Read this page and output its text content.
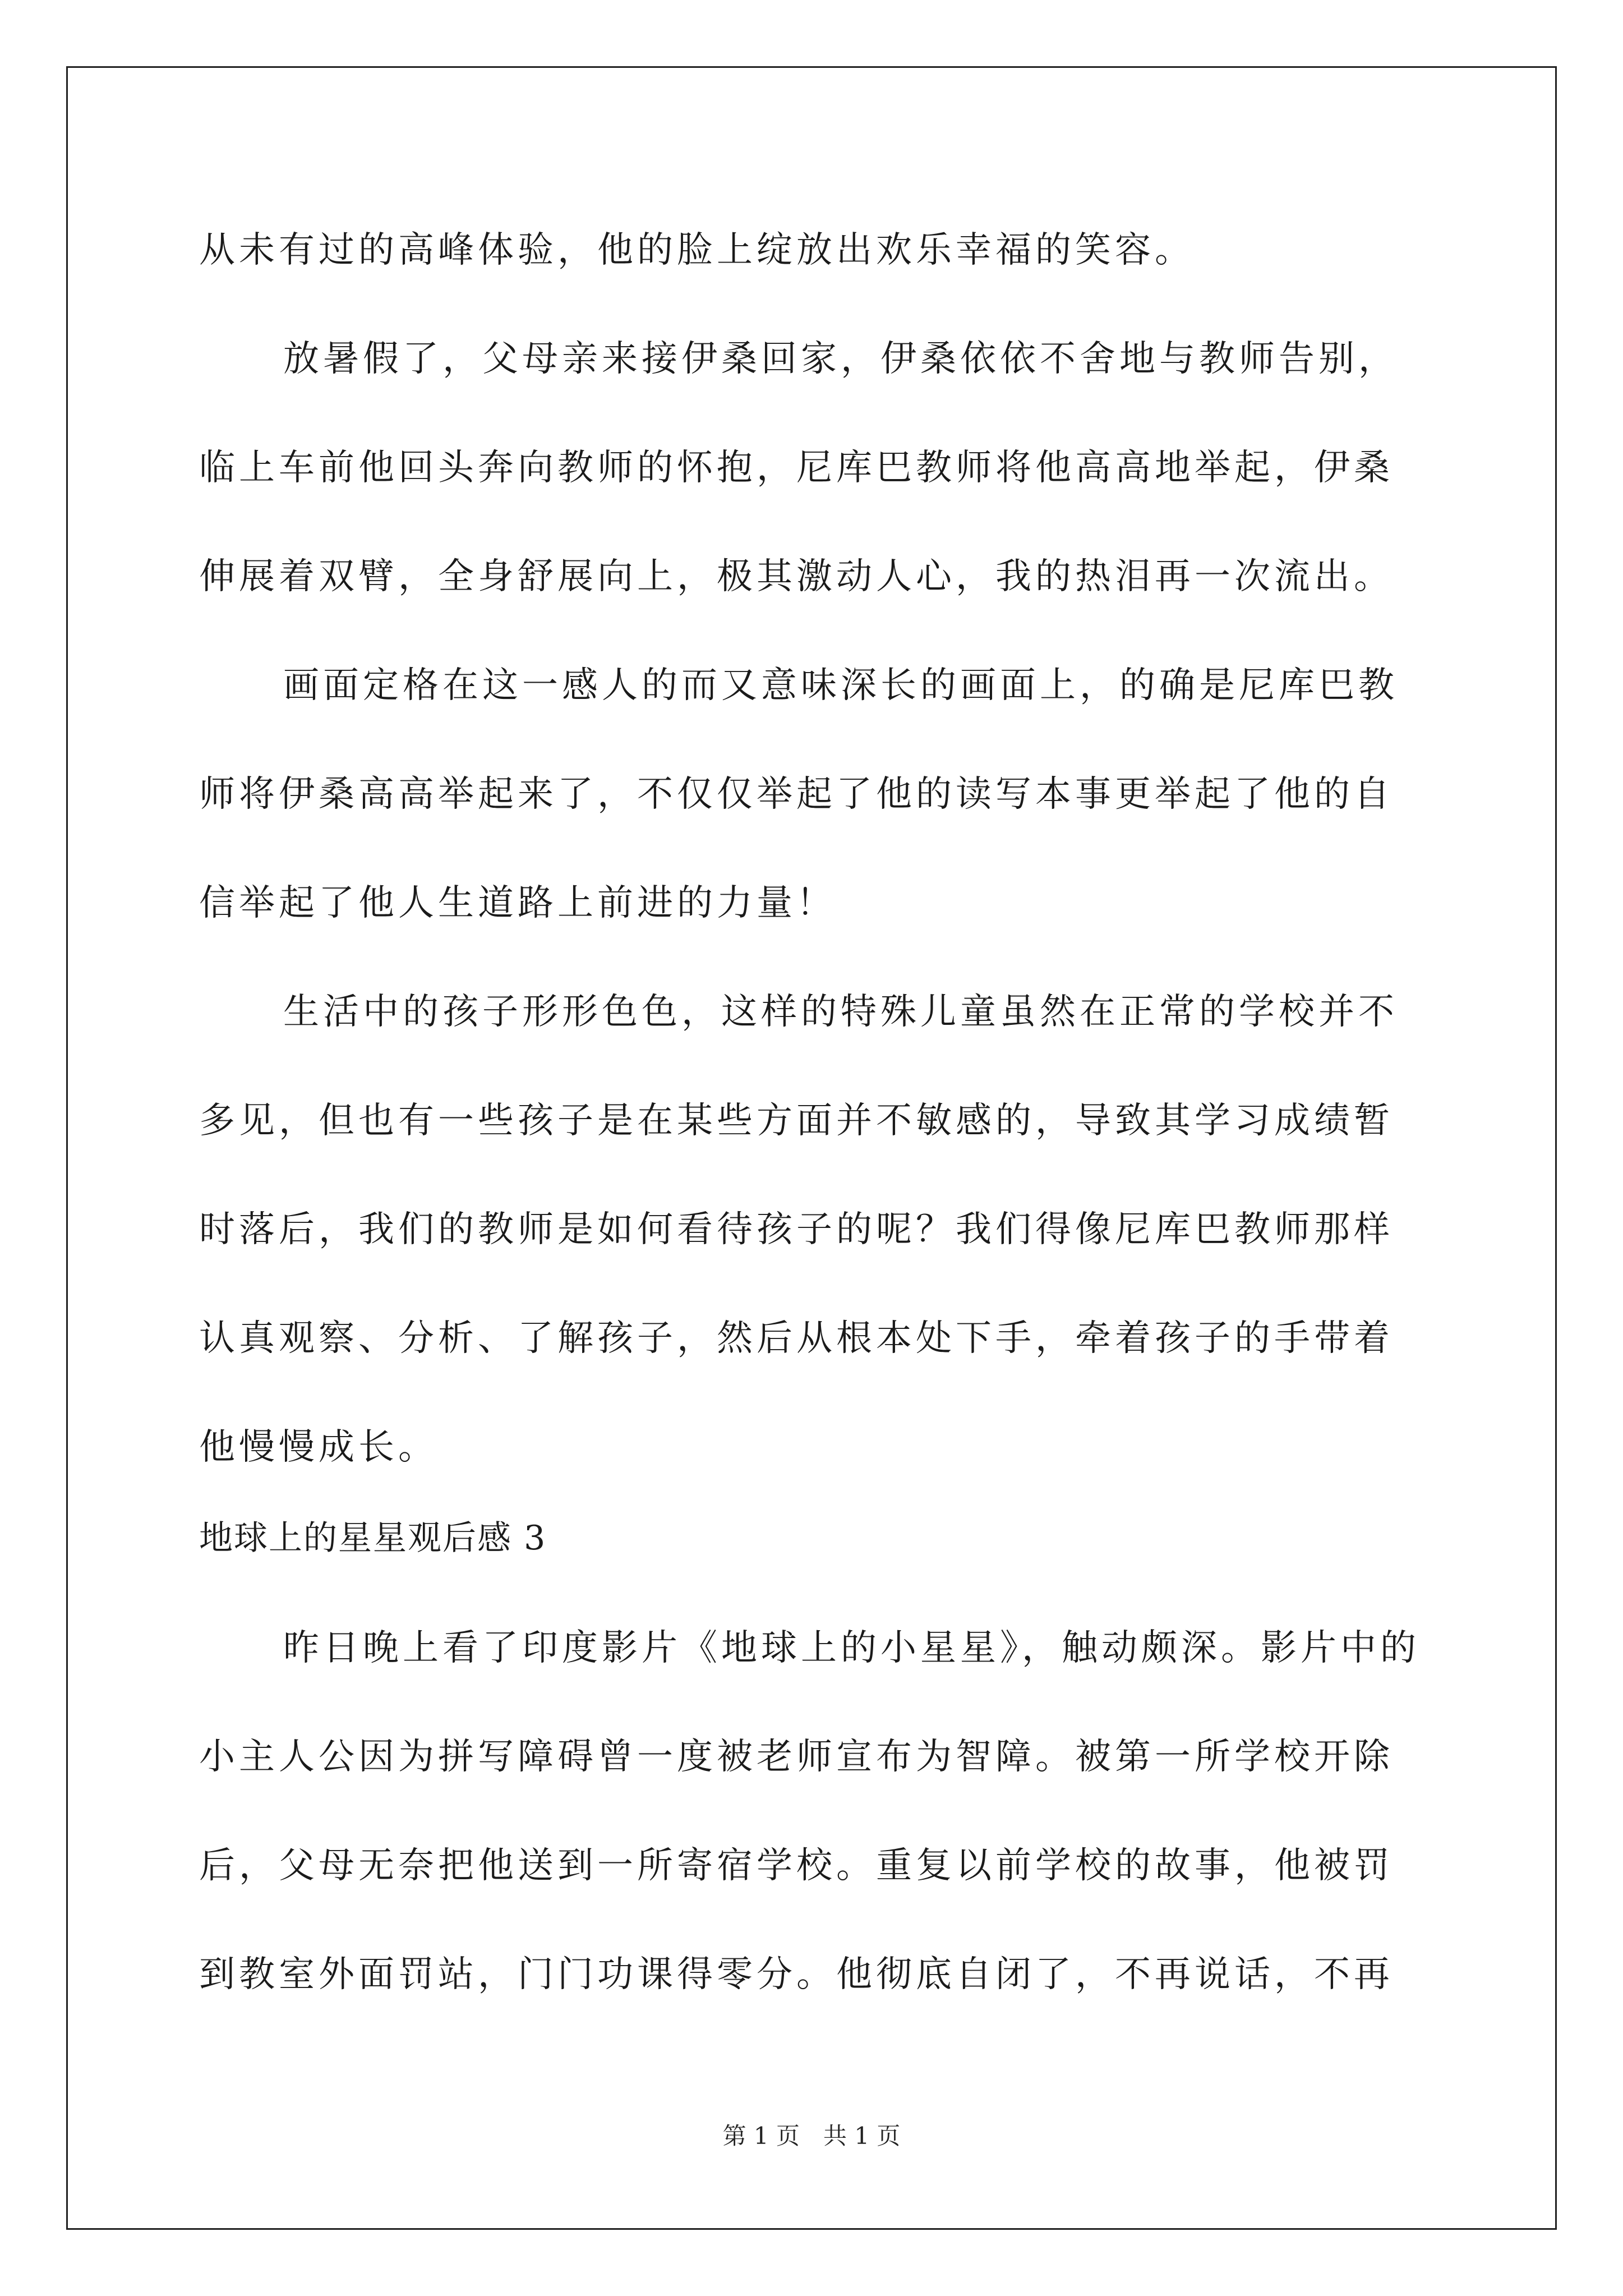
从未有过的高峰体验，他的脸上绽放出欢乐幸福的笑容。
放暑假了，父母亲来接伊桑回家，伊桑依依不舍地与教师告别，
临上车前他回头奔向教师的怀抱，尼库巴教师将他高高地举起，伊桑
伸展着双臂，全身舒展向上，极其激动人心，我的热泪再一次流出。
画面定格在这一感人的而又意味深长的画面上，的确是尼库巴教
师将伊桑高高举起来了，不仅仅举起了他的读写本事更举起了他的自
信举起了他人生道路上前进的力量！
生活中的孩子形形色色，这样的特殊儿童虽然在正常的学校并不
多见，但也有一些孩子是在某些方面并不敏感的，导致其学习成绩暂
时落后，我们的教师是如何看待孩子的呢？我们得像尼库巴教师那样
认真观察、分析、了解孩子，然后从根本处下手，牵着孩子的手带着
他慢慢成长。
地球上的星星观后感 3
昨日晚上看了印度影片《地球上的小星星》，触动颇深。影片中的
小主人公因为拼写障碍曾一度被老师宣布为智障。被第一所学校开除
后，父母无奈把他送到一所寄宿学校。重复以前学校的故事，他被罚
到教室外面罚站，门门功课得零分。他彻底自闭了，不再说话，不再
第 1 页　共 1 页
